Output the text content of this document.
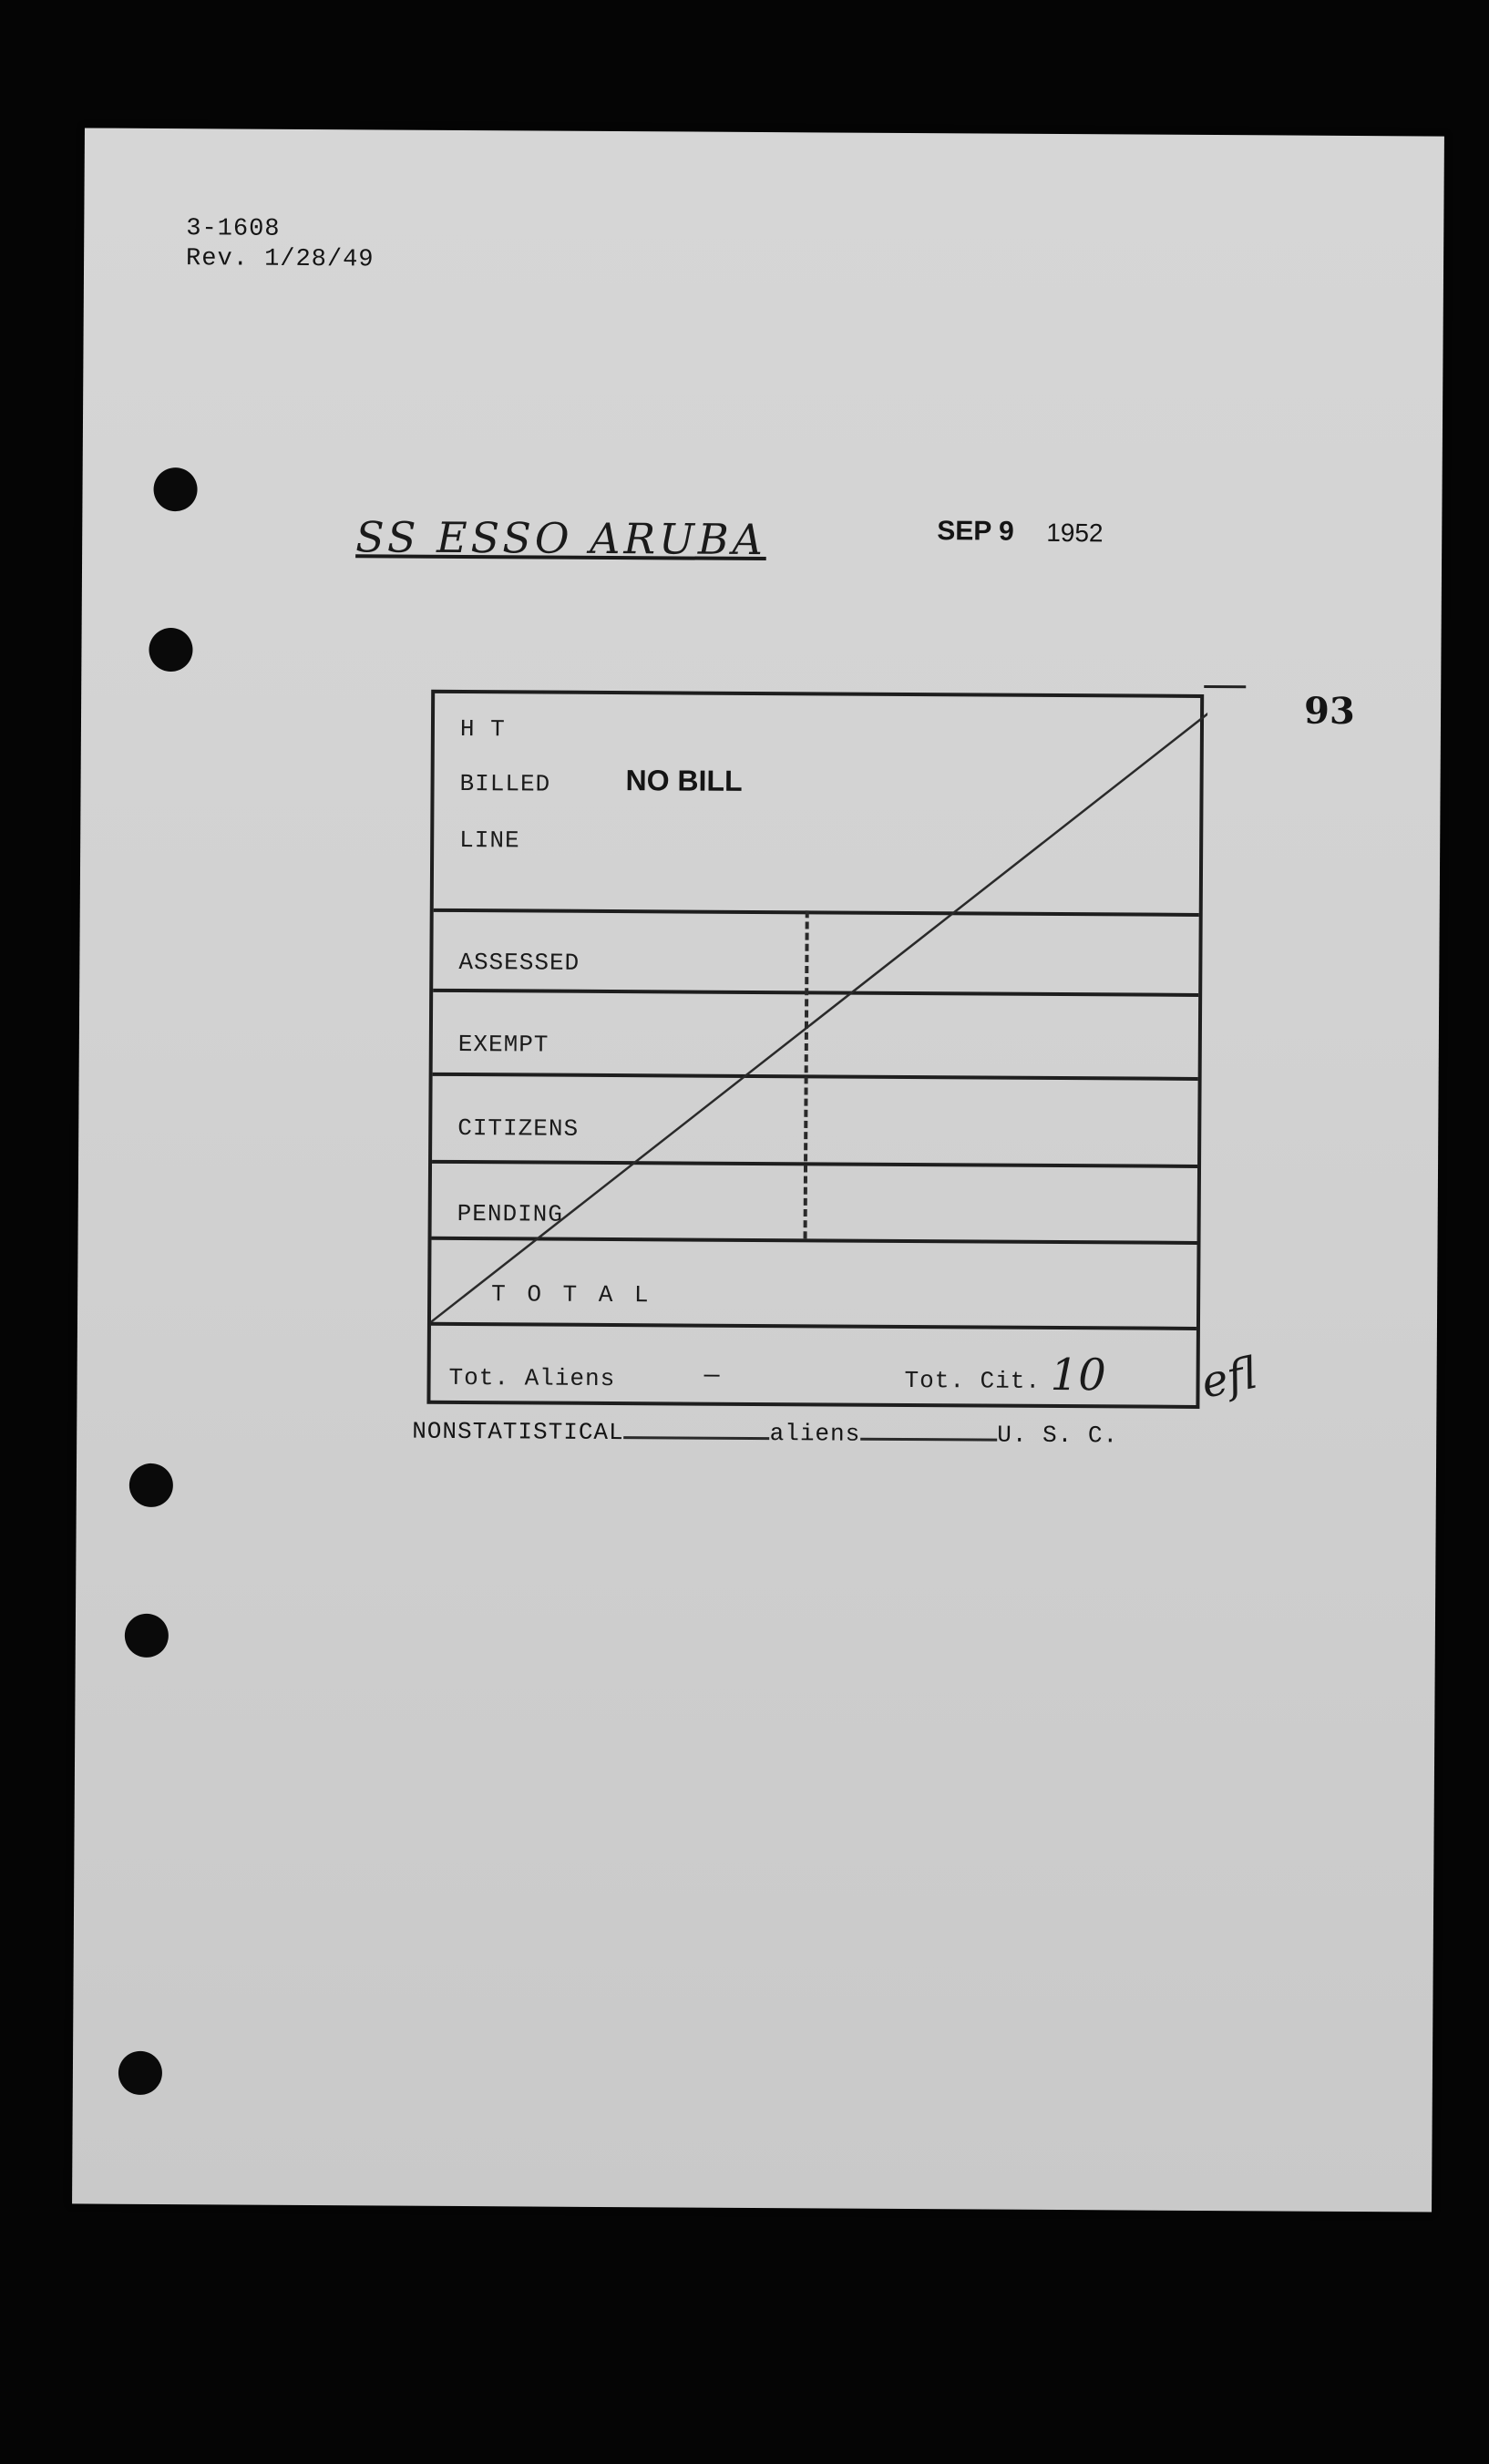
3-1608
Rev. 1/28/49
SS ESSO ARUBA	SEP 9 1952
93
H T
BILLED	NO BILL
LINE
ASSESSED
EXEMPT
CITIZENS
PENDING
T O T A L
Tot. Aliens	—	Tot. Cit. 10 efl
NONSTATISTICAL	aliens	U. S. C.
